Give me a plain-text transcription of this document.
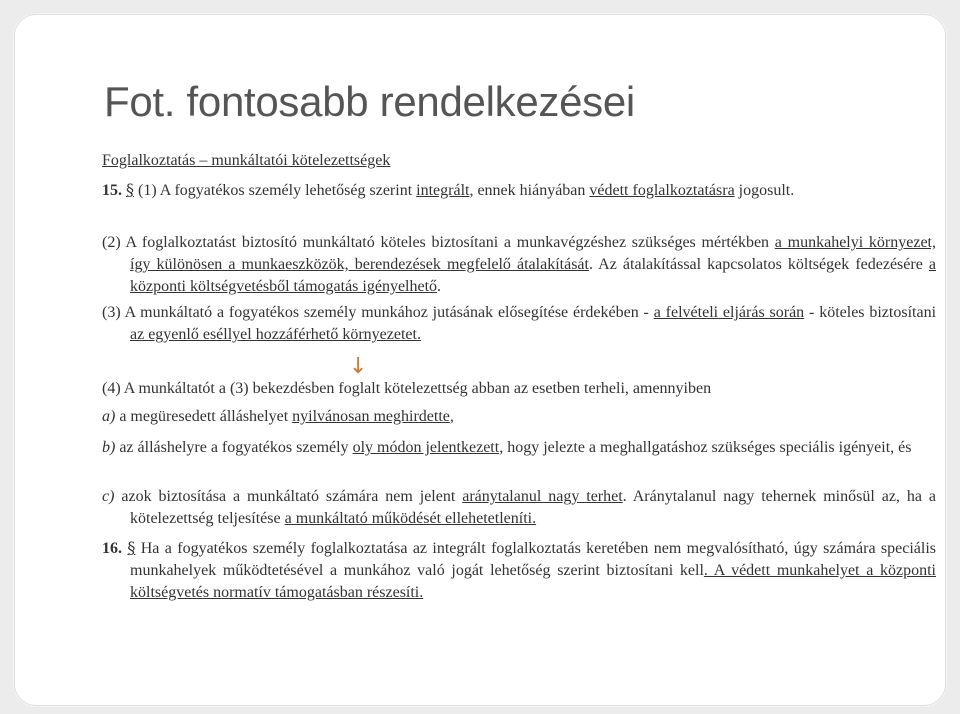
Fot. fontosabb rendelkezései
Foglalkoztatás – munkáltatói kötelezettségek
15. § (1) A fogyatékos személy lehetőség szerint integrált, ennek hiányában védett foglalkoztatásra jogosult.
(2) A foglalkoztatást biztosító munkáltató köteles biztosítani a munkavégzéshez szükséges mértékben a munkahelyi környezet, így különösen a munkaeszközök, berendezések megfelelő átalakítását. Az átalakítással kapcsolatos költségek fedezésére a központi költségvetésből támogatás igényelhető.
(3) A munkáltató a fogyatékos személy munkához jutásának elősegítése érdekében - a felvételi eljárás során - köteles biztosítani az egyenlő eséllyel hozzáférhető környezetet.
↓
(4) A munkáltatót a (3) bekezdésben foglalt kötelezettség abban az esetben terheli, amennyiben
a) a megüresedett álláshelyet nyilvánosan meghirdette,
b) az álláshelyre a fogyatékos személy oly módon jelentkezett, hogy jelezte a meghallgatáshoz szükséges speciális igényeit, és
c) azok biztosítása a munkáltató számára nem jelent aránytalanul nagy terhet. Aránytalanul nagy tehernek minősül az, ha a kötelezettség teljesítése a munkáltató működését ellehetetleníti.
16. § Ha a fogyatékos személy foglalkoztatása az integrált foglalkoztatás keretében nem megvalósítható, úgy számára speciális munkahelyek működtetésével a munkához való jogát lehetőség szerint biztosítani kell. A védett munkahelyet a központi költségvetés normatív támogatásban részesíti.
